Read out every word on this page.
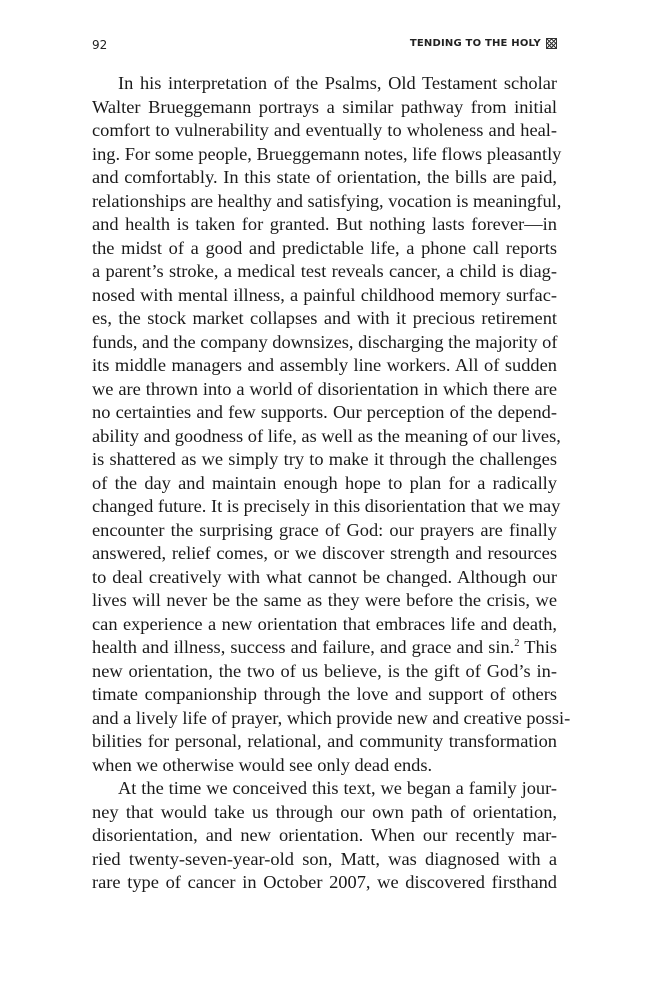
92	TENDING TO THE HOLY

In his interpretation of the Psalms, Old Testament scholar
Walter Brueggemann portrays a similar pathway from initial
comfort to vulnerability and eventually to wholeness and heal-
ing. For some people, Brueggemann notes, life flows pleasantly
and comfortably. In this state of orientation, the bills are paid,
relationships are healthy and satisfying, vocation is meaningful,
and health is taken for granted. But nothing lasts forever—in
the midst of a good and predictable life, a phone call reports
a parent’s stroke, a medical test reveals cancer, a child is diag-
nosed with mental illness, a painful childhood memory surfac-
es, the stock market collapses and with it precious retirement
funds, and the company downsizes, discharging the majority of
its middle managers and assembly line workers. All of sudden
we are thrown into a world of disorientation in which there are
no certainties and few supports. Our perception of the depend-
ability and goodness of life, as well as the meaning of our lives,
is shattered as we simply try to make it through the challenges
of the day and maintain enough hope to plan for a radically
changed future. It is precisely in this disorientation that we may
encounter the surprising grace of God: our prayers are finally
answered, relief comes, or we discover strength and resources
to deal creatively with what cannot be changed. Although our
lives will never be the same as they were before the crisis, we
can experience a new orientation that embraces life and death,
health and illness, success and failure, and grace and sin.$^2$ This
new orientation, the two of us believe, is the gift of God’s in-
timate companionship through the love and support of others
and a lively life of prayer, which provide new and creative possi-
bilities for personal, relational, and community transformation
when we otherwise would see only dead ends.

At the time we conceived this text, we began a family jour-
ney that would take us through our own path of orientation,
disorientation, and new orientation. When our recently mar-
ried twenty-seven-year-old son, Matt, was diagnosed with a
rare type of cancer in October 2007, we discovered firsthand
